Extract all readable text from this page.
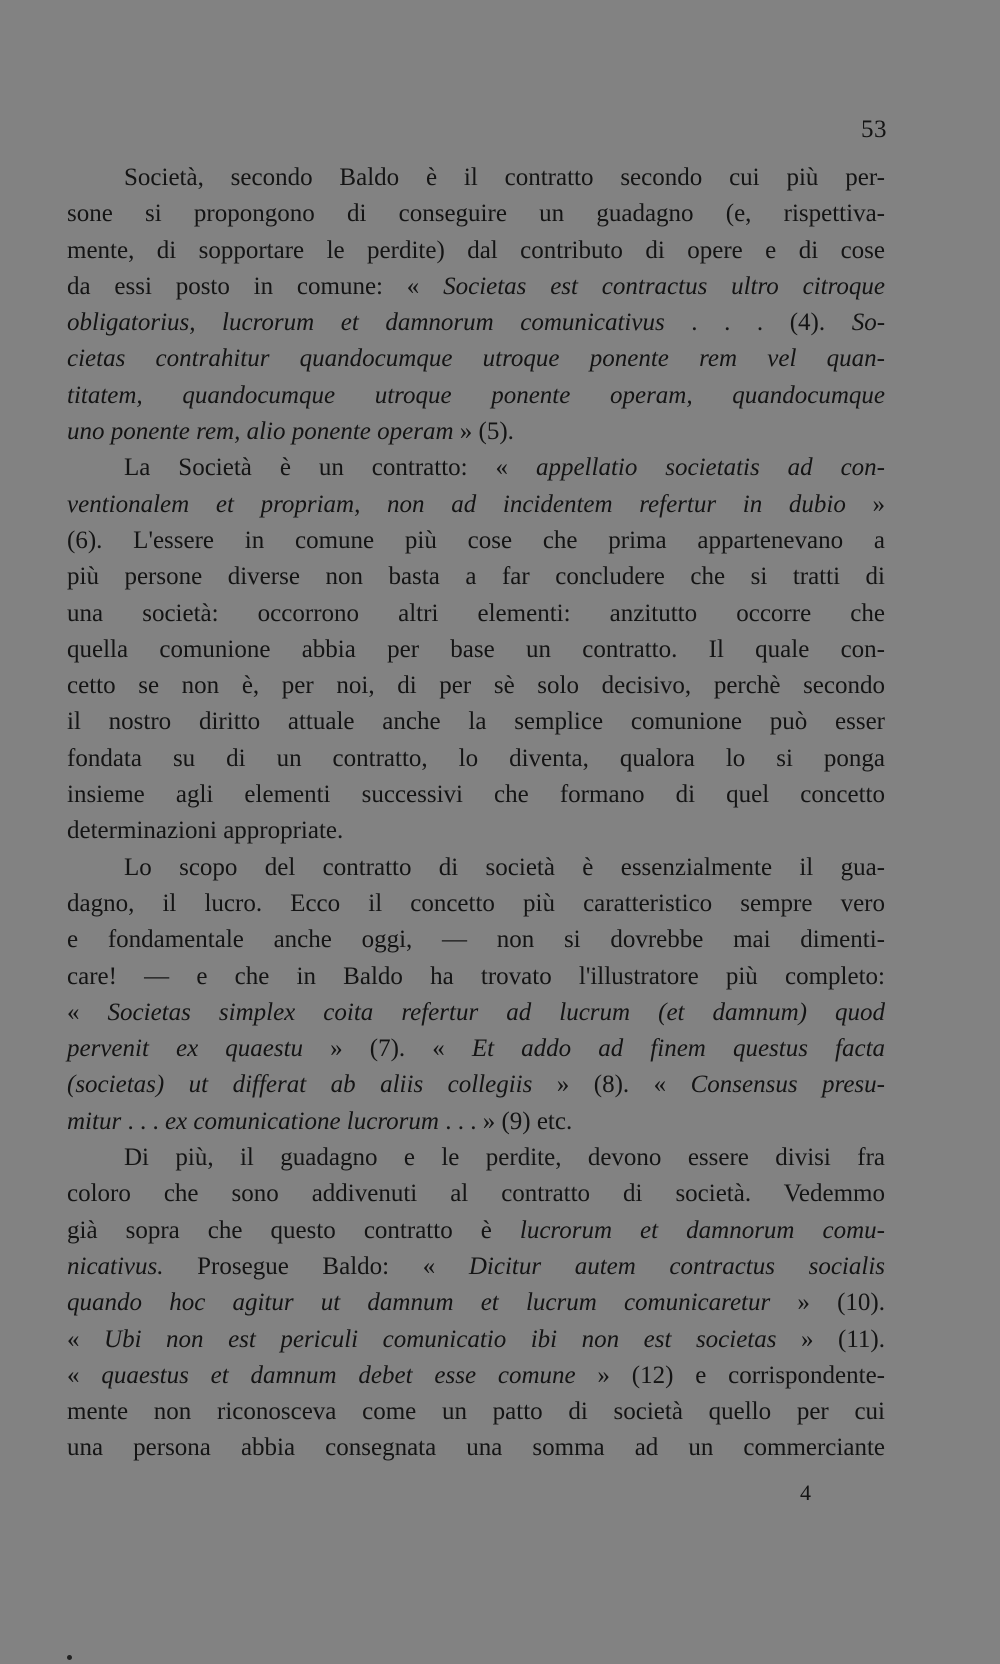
53
Società, secondo Baldo è il contratto secondo cui più per-
sone si propongono di conseguire un guadagno (e, rispettiva-
mente, di sopportare le perdite) dal contributo di opere e di cose
da essi posto in comune: « Societas est contractus ultro citroque
obligatorius, lucrorum et damnorum comunicativus . . . (4). So-
cietas contrahitur quandocumque utroque ponente rem vel quan-
titatem, quandocumque utroque ponente operam, quandocumque
uno ponente rem, alio ponente operam » (5).
La Società è un contratto: « appellatio societatis ad con-
ventionalem et propriam, non ad incidentem refertur in dubio »
(6). L'essere in comune più cose che prima appartenevano a
più persone diverse non basta a far concludere che si tratti di
una società: occorrono altri elementi: anzitutto occorre che
quella comunione abbia per base un contratto. Il quale con-
cetto se non è, per noi, di per sè solo decisivo, perchè secondo
il nostro diritto attuale anche la semplice comunione può esser
fondata su di un contratto, lo diventa, qualora lo si ponga
insieme agli elementi successivi che formano di quel concetto
determinazioni appropriate.
Lo scopo del contratto di società è essenzialmente il gua-
dagno, il lucro. Ecco il concetto più caratteristico sempre vero
e fondamentale anche oggi, — non si dovrebbe mai dimenti-
care! — e che in Baldo ha trovato l'illustratore più completo:
« Societas simplex coita refertur ad lucrum (et damnum) quod
pervenit ex quaestu » (7). « Et addo ad finem questus facta
(societas) ut differat ab aliis collegiis » (8). « Consensus presu-
mitur . . . ex comunicatione lucrorum . . . » (9) etc.
Di più, il guadagno e le perdite, devono essere divisi fra
coloro che sono addivenuti al contratto di società. Vedemmo
già sopra che questo contratto è lucrorum et damnorum comu-
nicativus. Prosegue Baldo: « Dicitur autem contractus socialis
quando hoc agitur ut damnum et lucrum comunicaretur » (10).
« Ubi non est periculi comunicatio ibi non est societas » (11).
« quaestus et damnum debet esse comune » (12) e corrispondente-
mente non riconosceva come un patto di società quello per cui
una persona abbia consegnata una somma ad un commerciante
4
